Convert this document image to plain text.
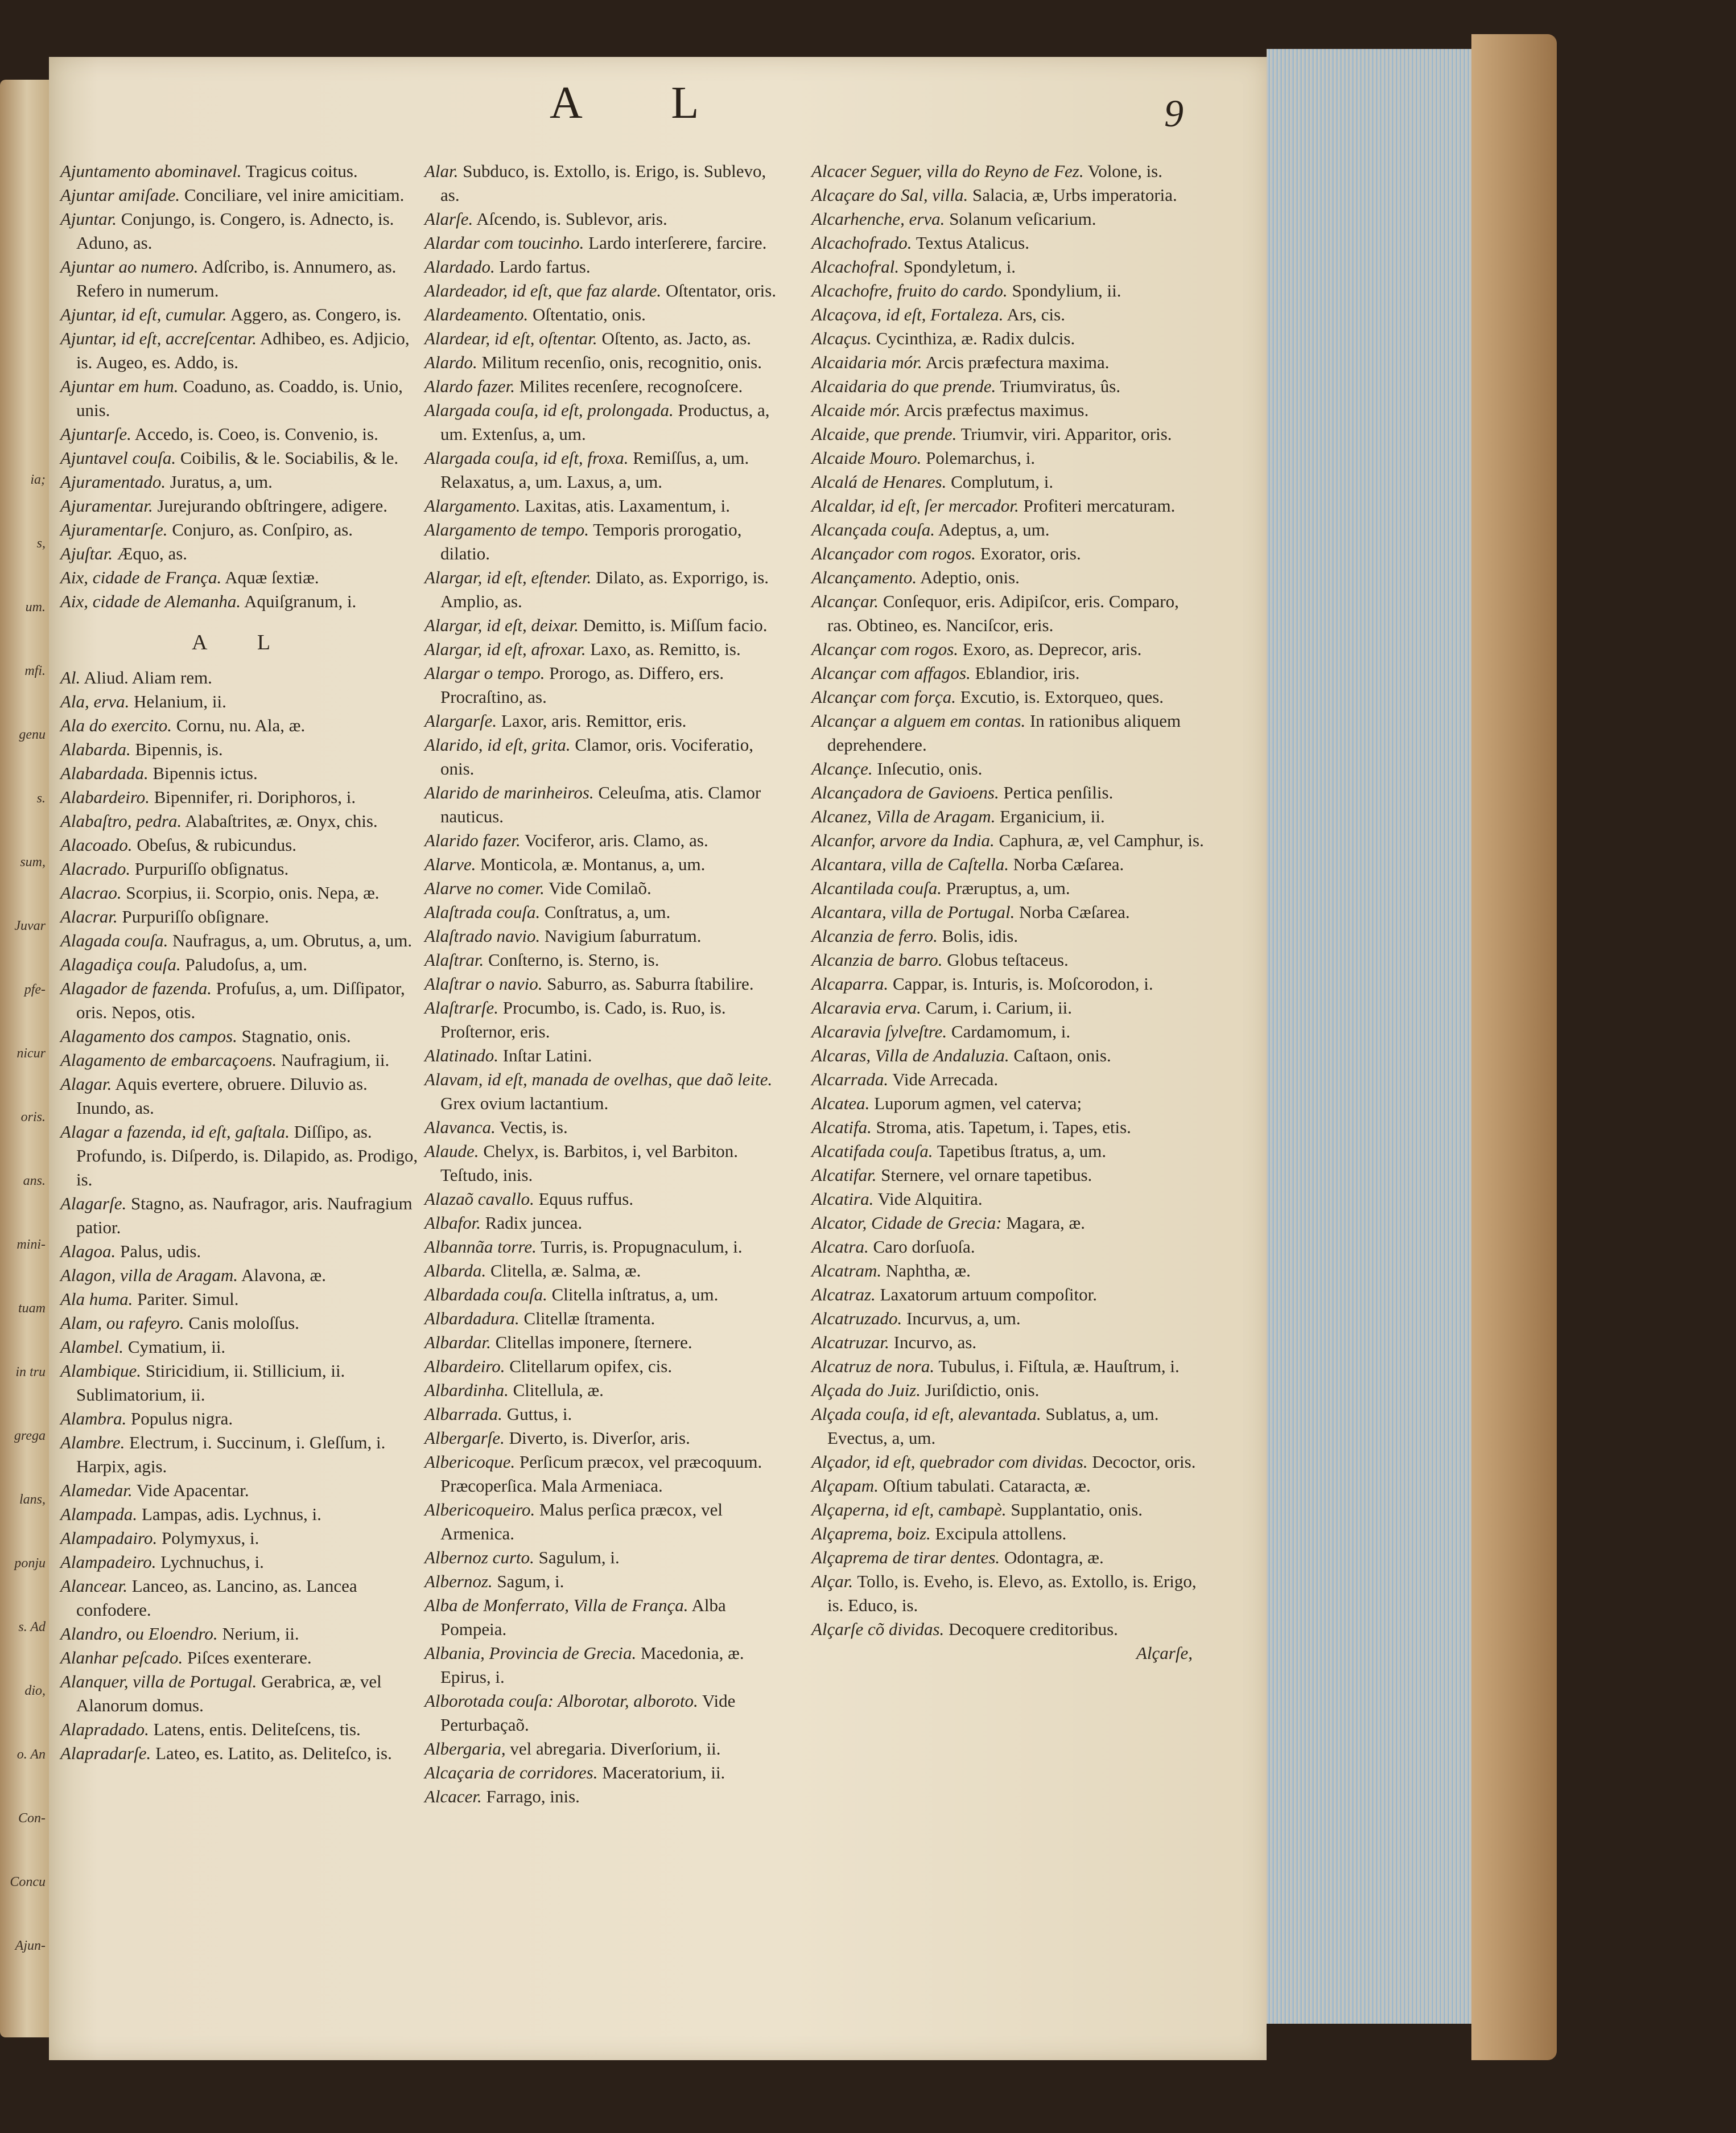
ia;
s,
um.
mfi.
genu
s.
sum,
Juvar
pfe-
nicur
oris.
ans.
mini-
tuam
in tru
grega
lans,
ponju
s. Ad
dio,
o. An
Con-
Concu
Ajun-
A L	9

Ajuntamento abominavel. Tragicus coitus.

Ajuntar amiſade. Conciliare, vel inire amicitiam.

Ajuntar. Conjungo, is. Congero, is. Adnecto, is. Aduno, as.

Ajuntar ao numero. Adſcribo, is. Annumero, as. Refero in numerum.

Ajuntar, id eſt, cumular. Aggero, as. Congero, is.

Ajuntar, id eſt, accreſcentar. Adhibeo, es. Adjicio, is. Augeo, es. Addo, is.

Ajuntar em hum. Coaduno, as. Coaddo, is. Unio, unis.

Ajuntarſe. Accedo, is. Coeo, is. Convenio, is.

Ajuntavel couſa. Coibilis, & le. Sociabilis, & le.

Ajuramentado. Juratus, a, um.

Ajuramentar. Jurejurando obſtringere, adigere.

Ajuramentarſe. Conjuro, as. Conſpiro, as.

Ajuſtar. Æquo, as.

Aix, cidade de França. Aquæ ſextiæ.

Aix, cidade de Alemanha. Aquiſgranum, i.

A L

Al. Aliud. Aliam rem.

Ala, erva. Helanium, ii.

Ala do exercito. Cornu, nu. Ala, æ.

Alabarda. Bipennis, is.

Alabardada. Bipennis ictus.

Alabardeiro. Bipennifer, ri. Doriphoros, i.

Alabaſtro, pedra. Alabaſtrites, æ. Onyx, chis.

Alacoado. Obeſus, & rubicundus.

Alacrado. Purpuriſſo obſignatus.

Alacrao. Scorpius, ii. Scorpio, onis. Nepa, æ.

Alacrar. Purpuriſſo obſignare.

Alagada couſa. Naufragus, a, um. Obrutus, a, um.

Alagadiça couſa. Paludoſus, a, um.

Alagador de fazenda. Profuſus, a, um. Diſſipator, oris. Nepos, otis.

Alagamento dos campos. Stagnatio, onis.

Alagamento de embarcaçoens. Naufragium, ii.

Alagar. Aquis evertere, obruere. Diluvio as. Inundo, as.

Alagar a fazenda, id eſt, gaſtala. Diſſipo, as. Profundo, is. Diſperdo, is. Dilapido, as. Prodigo, is.

Alagarſe. Stagno, as. Naufragor, aris. Naufragium patior.

Alagoa. Palus, udis.

Alagon, villa de Aragam. Alavona, æ.

Ala huma. Pariter. Simul.

Alam, ou rafeyro. Canis moloſſus.

Alambel. Cymatium, ii.

Alambique. Stiricidium, ii. Stillicium, ii. Sublimatorium, ii.

Alambra. Populus nigra.

Alambre. Electrum, i. Succinum, i. Gleſſum, i. Harpix, agis.

Alamedar. Vide Apacentar.

Alampada. Lampas, adis. Lychnus, i.

Alampadairo. Polymyxus, i.

Alampadeiro. Lychnuchus, i.

Alancear. Lanceo, as. Lancino, as. Lancea confodere.

Alandro, ou Eloendro. Nerium, ii.

Alanhar peſcado. Piſces exenterare.

Alanquer, villa de Portugal. Gerabrica, æ, vel Alanorum domus.

Alapradado. Latens, entis. Deliteſcens, tis.

Alapradarſe. Lateo, es. Latito, as. Deliteſco, is.

Alar. Subduco, is. Extollo, is. Erigo, is. Sublevo, as.

Alarſe. Aſcendo, is. Sublevor, aris.

Alardar com toucinho. Lardo interſerere, farcire.

Alardado. Lardo fartus.

Alardeador, id eſt, que faz alarde. Oſtentator, oris.

Alardeamento. Oſtentatio, onis.

Alardear, id eſt, oſtentar. Oſtento, as. Jacto, as.

Alardo. Militum recenſio, onis, recognitio, onis.

Alardo fazer. Milites recenſere, recognoſcere.

Alargada couſa, id eſt, prolongada. Productus, a, um. Extenſus, a, um.

Alargada couſa, id eſt, froxa. Remiſſus, a, um. Relaxatus, a, um. Laxus, a, um.

Alargamento. Laxitas, atis. Laxamentum, i.

Alargamento de tempo. Temporis prorogatio, dilatio.

Alargar, id eſt, eſtender. Dilato, as. Exporrigo, is. Amplio, as.

Alargar, id eſt, deixar. Demitto, is. Miſſum facio.

Alargar, id eſt, afroxar. Laxo, as. Remitto, is.

Alargar o tempo. Prorogo, as. Differo, ers. Procraſtino, as.

Alargarſe. Laxor, aris. Remittor, eris.

Alarido, id eſt, grita. Clamor, oris. Vociferatio, onis.

Alarido de marinheiros. Celeuſma, atis. Clamor nauticus.

Alarido fazer. Vociferor, aris. Clamo, as.

Alarve. Monticola, æ. Montanus, a, um.

Alarve no comer. Vide Comilaõ.

Alaſtrada couſa. Conſtratus, a, um.

Alaſtrado navio. Navigium ſaburratum.

Alaſtrar. Conſterno, is. Sterno, is.

Alaſtrar o navio. Saburro, as. Saburra ſtabilire.

Alaſtrarſe. Procumbo, is. Cado, is. Ruo, is. Proſternor, eris.

Alatinado. Inſtar Latini.

Alavam, id eſt, manada de ovelhas, que daõ leite. Grex ovium lactantium.

Alavanca. Vectis, is.

Alaude. Chelyx, is. Barbitos, i, vel Barbiton. Teſtudo, inis.

Alazaõ cavallo. Equus ruffus.

Albafor. Radix juncea.

Albannãa torre. Turris, is. Propugnaculum, i.

Albarda. Clitella, æ. Salma, æ.

Albardada couſa. Clitella inſtratus, a, um.

Albardadura. Clitellæ ſtramenta.

Albardar. Clitellas imponere, ſternere.

Albardeiro. Clitellarum opifex, cis.

Albardinha. Clitellula, æ.

Albarrada. Guttus, i.

Albergarſe. Diverto, is. Diverſor, aris.

Albericoque. Perſicum præcox, vel præcoquum. Præcoperſica. Mala Armeniaca.

Albericoqueiro. Malus perſica præcox, vel Armenica.

Albernoz curto. Sagulum, i.

Albernoz. Sagum, i.

Alba de Monferrato, Villa de França. Alba Pompeia.

Albania, Provincia de Grecia. Macedonia, æ. Epirus, i.

Alborotada couſa: Alborotar, alboroto. Vide Perturbaçaõ.

Albergaria, vel abregaria. Diverſorium, ii.

Alcaçaria de corridores. Maceratorium, ii.

Alcacer. Farrago, inis.

Alcacer Seguer, villa do Reyno de Fez. Volone, is.

Alcaçare do Sal, villa. Salacia, æ, Urbs imperatoria.

Alcarhenche, erva. Solanum veſicarium.

Alcachofrado. Textus Atalicus.

Alcachofral. Spondyletum, i.

Alcachofre, fruito do cardo. Spondylium, ii.

Alcaçova, id eſt, Fortaleza. Ars, cis.

Alcaçus. Cycinthiza, æ. Radix dulcis.

Alcaidaria mór. Arcis præfectura maxima.

Alcaidaria do que prende. Triumviratus, ûs.

Alcaide mór. Arcis præfectus maximus.

Alcaide, que prende. Triumvir, viri. Apparitor, oris.

Alcaide Mouro. Polemarchus, i.

Alcalá de Henares. Complutum, i.

Alcaldar, id eſt, ſer mercador. Profiteri mercaturam.

Alcançada couſa. Adeptus, a, um.

Alcançador com rogos. Exorator, oris.

Alcançamento. Adeptio, onis.

Alcançar. Conſequor, eris. Adipiſcor, eris. Comparo, ras. Obtineo, es. Nanciſcor, eris.

Alcançar com rogos. Exoro, as. Deprecor, aris.

Alcançar com affagos. Eblandior, iris.

Alcançar com força. Excutio, is. Extorqueo, ques.

Alcançar a alguem em contas. In rationibus aliquem deprehendere.

Alcançe. Inſecutio, onis.

Alcançadora de Gavioens. Pertica penſilis.

Alcanez, Villa de Aragam. Erganicium, ii.

Alcanfor, arvore da India. Caphura, æ, vel Camphur, is.

Alcantara, villa de Caſtella. Norba Cæſarea.

Alcantilada couſa. Præruptus, a, um.

Alcantara, villa de Portugal. Norba Cæſarea.

Alcanzia de ferro. Bolis, idis.

Alcanzia de barro. Globus teſtaceus.

Alcaparra. Cappar, is. Inturis, is. Moſcorodon, i.

Alcaravia erva. Carum, i. Carium, ii.

Alcaravia ſylveſtre. Cardamomum, i.

Alcaras, Villa de Andaluzia. Caſtaon, onis.

Alcarrada. Vide Arrecada.

Alcatea. Luporum agmen, vel caterva;

Alcatifa. Stroma, atis. Tapetum, i. Tapes, etis.

Alcatifada couſa. Tapetibus ſtratus, a, um.

Alcatifar. Sternere, vel ornare tapetibus.

Alcatira. Vide Alquitira.

Alcator, Cidade de Grecia: Magara, æ.

Alcatra. Caro dorſuoſa.

Alcatram. Naphtha, æ.

Alcatraz. Laxatorum artuum compoſitor.

Alcatruzado. Incurvus, a, um.

Alcatruzar. Incurvo, as.

Alcatruz de nora. Tubulus, i. Fiſtula, æ. Hauſtrum, i.

Alçada do Juiz. Juriſdictio, onis.

Alçada couſa, id eſt, alevantada. Sublatus, a, um. Evectus, a, um.

Alçador, id eſt, quebrador com dividas. Decoctor, oris.

Alçapam. Oſtium tabulati. Cataracta, æ.

Alçaperna, id eſt, cambapè. Supplantatio, onis.

Alçaprema, boiz. Excipula attollens.

Alçaprema de tirar dentes. Odontagra, æ.

Alçar. Tollo, is. Eveho, is. Elevo, as. Extollo, is. Erigo, is. Educo, is.

Alçarſe cõ dividas. Decoquere creditoribus.

Alçarſe,
